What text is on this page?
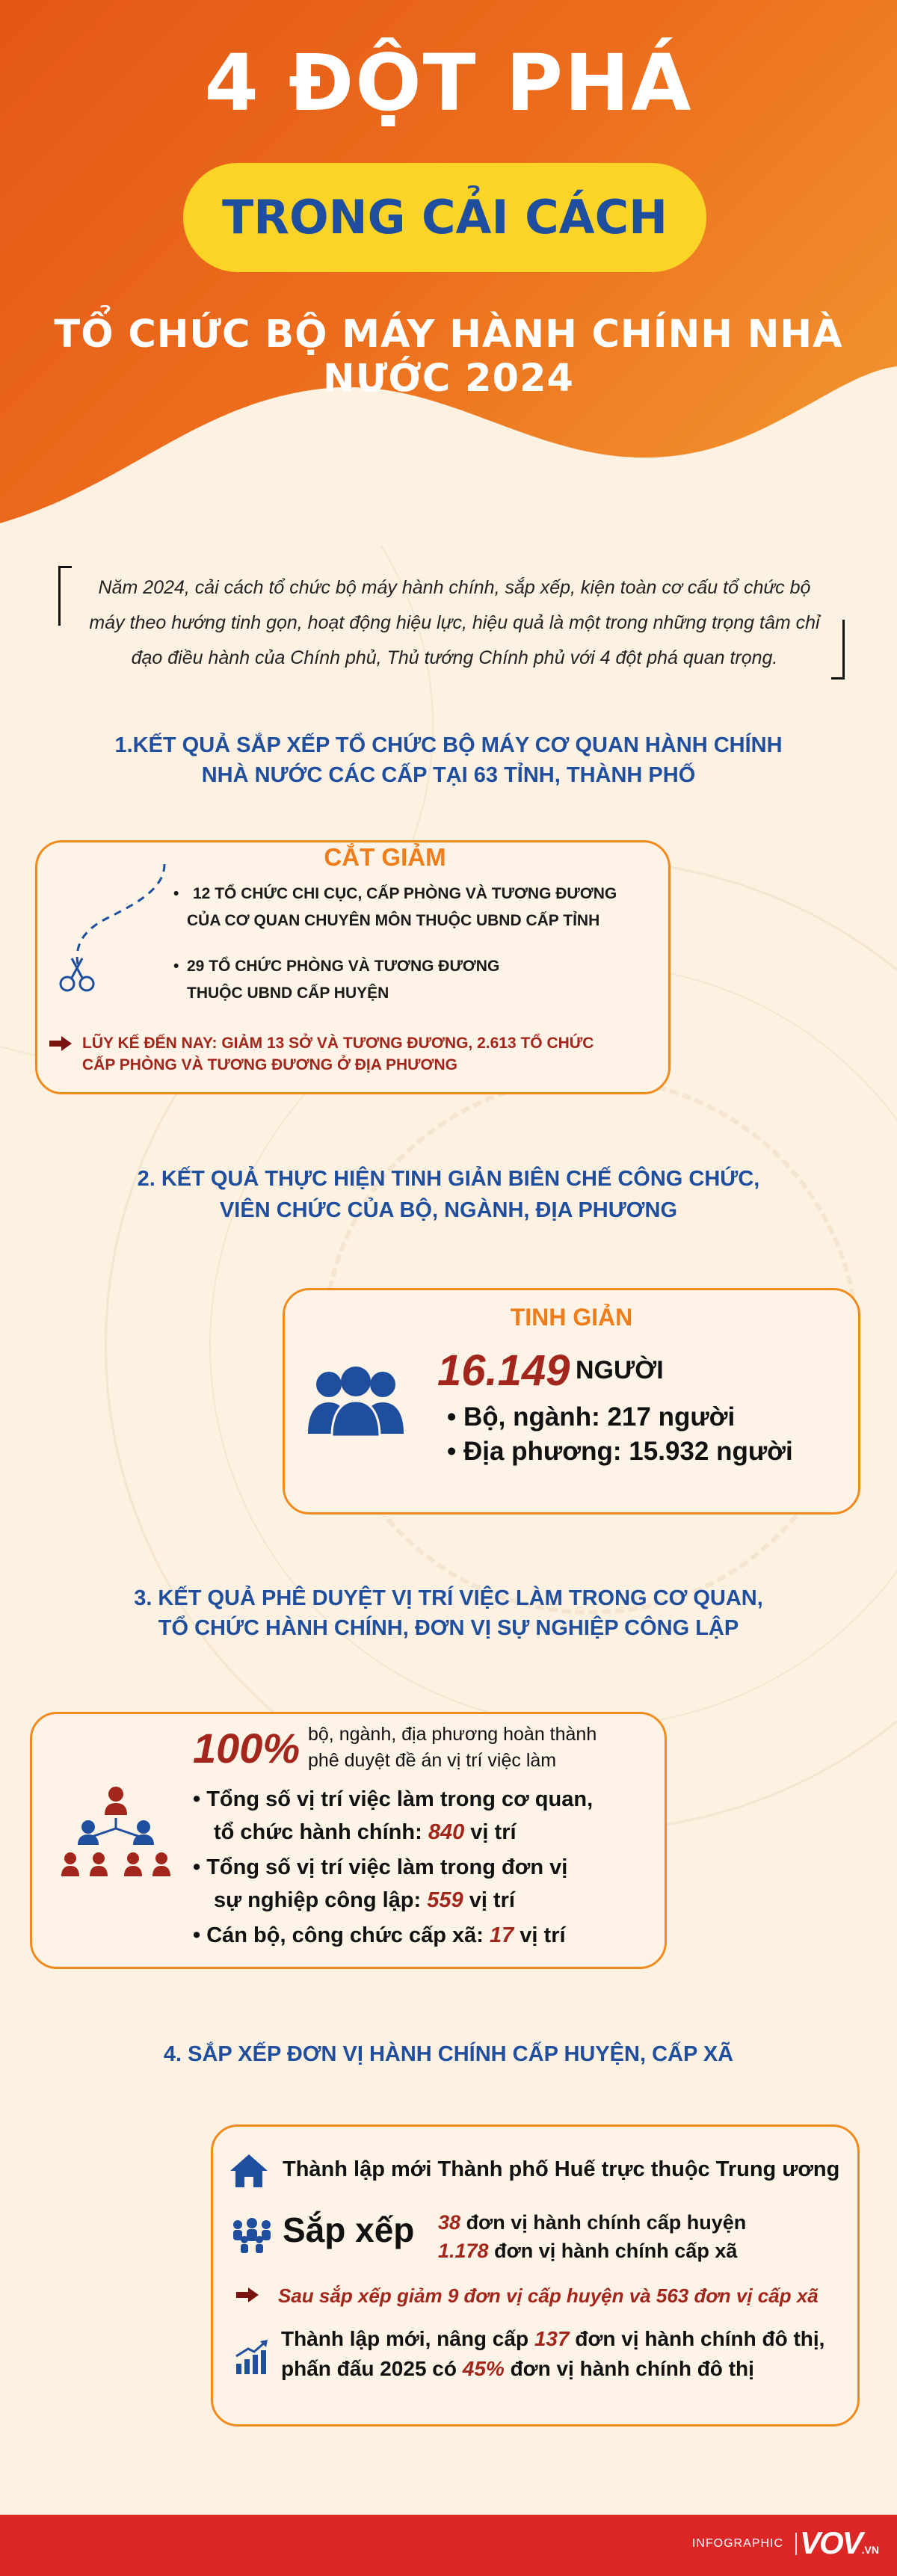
4 ĐỘT PHÁ
TRONG CẢI CÁCH
TỔ CHỨC BỘ MÁY HÀNH CHÍNH NHÀ NƯỚC 2024

Năm 2024, cải cách tổ chức bộ máy hành chính, sắp xếp, kiện toàn cơ cấu tổ chức bộ máy theo hướng tinh gọn, hoạt động hiệu lực, hiệu quả là một trong những trọng tâm chỉ đạo điều hành của Chính phủ, Thủ tướng Chính phủ với 4 đột phá quan trọng.

1.KẾT QUẢ SẮP XẾP TỔ CHỨC BỘ MÁY CƠ QUAN HÀNH CHÍNH
NHÀ NƯỚC CÁC CẤP TẠI 63 TỈNH, THÀNH PHỐ
CẮT GIẢM
• 12 TỔ CHỨC CHI CỤC, CẤP PHÒNG VÀ TƯƠNG ĐƯƠNG
CỦA CƠ QUAN CHUYÊN MÔN THUỘC UBND CẤP TỈNH
• 29 TỔ CHỨC PHÒNG VÀ TƯƠNG ĐƯƠNG
THUỘC UBND CẤP HUYỆN
LŨY KẾ ĐẾN NAY: GIẢM 13 SỞ VÀ TƯƠNG ĐƯƠNG, 2.613 TỔ CHỨC
CẤP PHÒNG VÀ TƯƠNG ĐƯƠNG Ở ĐỊA PHƯƠNG
2. KẾT QUẢ THỰC HIỆN TINH GIẢN BIÊN CHẾ CÔNG CHỨC,
VIÊN CHỨC CỦA BỘ, NGÀNH, ĐỊA PHƯƠNG
TINH GIẢN
16.149 NGƯỜI
• Bộ, ngành: 217 người
• Địa phương: 15.932 người
3. KẾT QUẢ PHÊ DUYỆT VỊ TRÍ VIỆC LÀM TRONG CƠ QUAN,
TỔ CHỨC HÀNH CHÍNH, ĐƠN VỊ SỰ NGHIỆP CÔNG LẬP
100% bộ, ngành, địa phương hoàn thành
phê duyệt đề án vị trí việc làm
• Tổng số vị trí việc làm trong cơ quan,
tổ chức hành chính: 840 vị trí
• Tổng số vị trí việc làm trong đơn vị
sự nghiệp công lập: 559 vị trí
• Cán bộ, công chức cấp xã: 17 vị trí
4. SẮP XẾP ĐƠN VỊ HÀNH CHÍNH CẤP HUYỆN, CẤP XÃ
Thành lập mới Thành phố Huế trực thuộc Trung ương
Sắp xếp 38 đơn vị hành chính cấp huyện
1.178 đơn vị hành chính cấp xã
Sau sắp xếp giảm 9 đơn vị cấp huyện và 563 đơn vị cấp xã
Thành lập mới, nâng cấp 137 đơn vị hành chính đô thị,
phấn đấu 2025 có 45% đơn vị hành chính đô thị
INFOGRAPHIC VOV.VN
